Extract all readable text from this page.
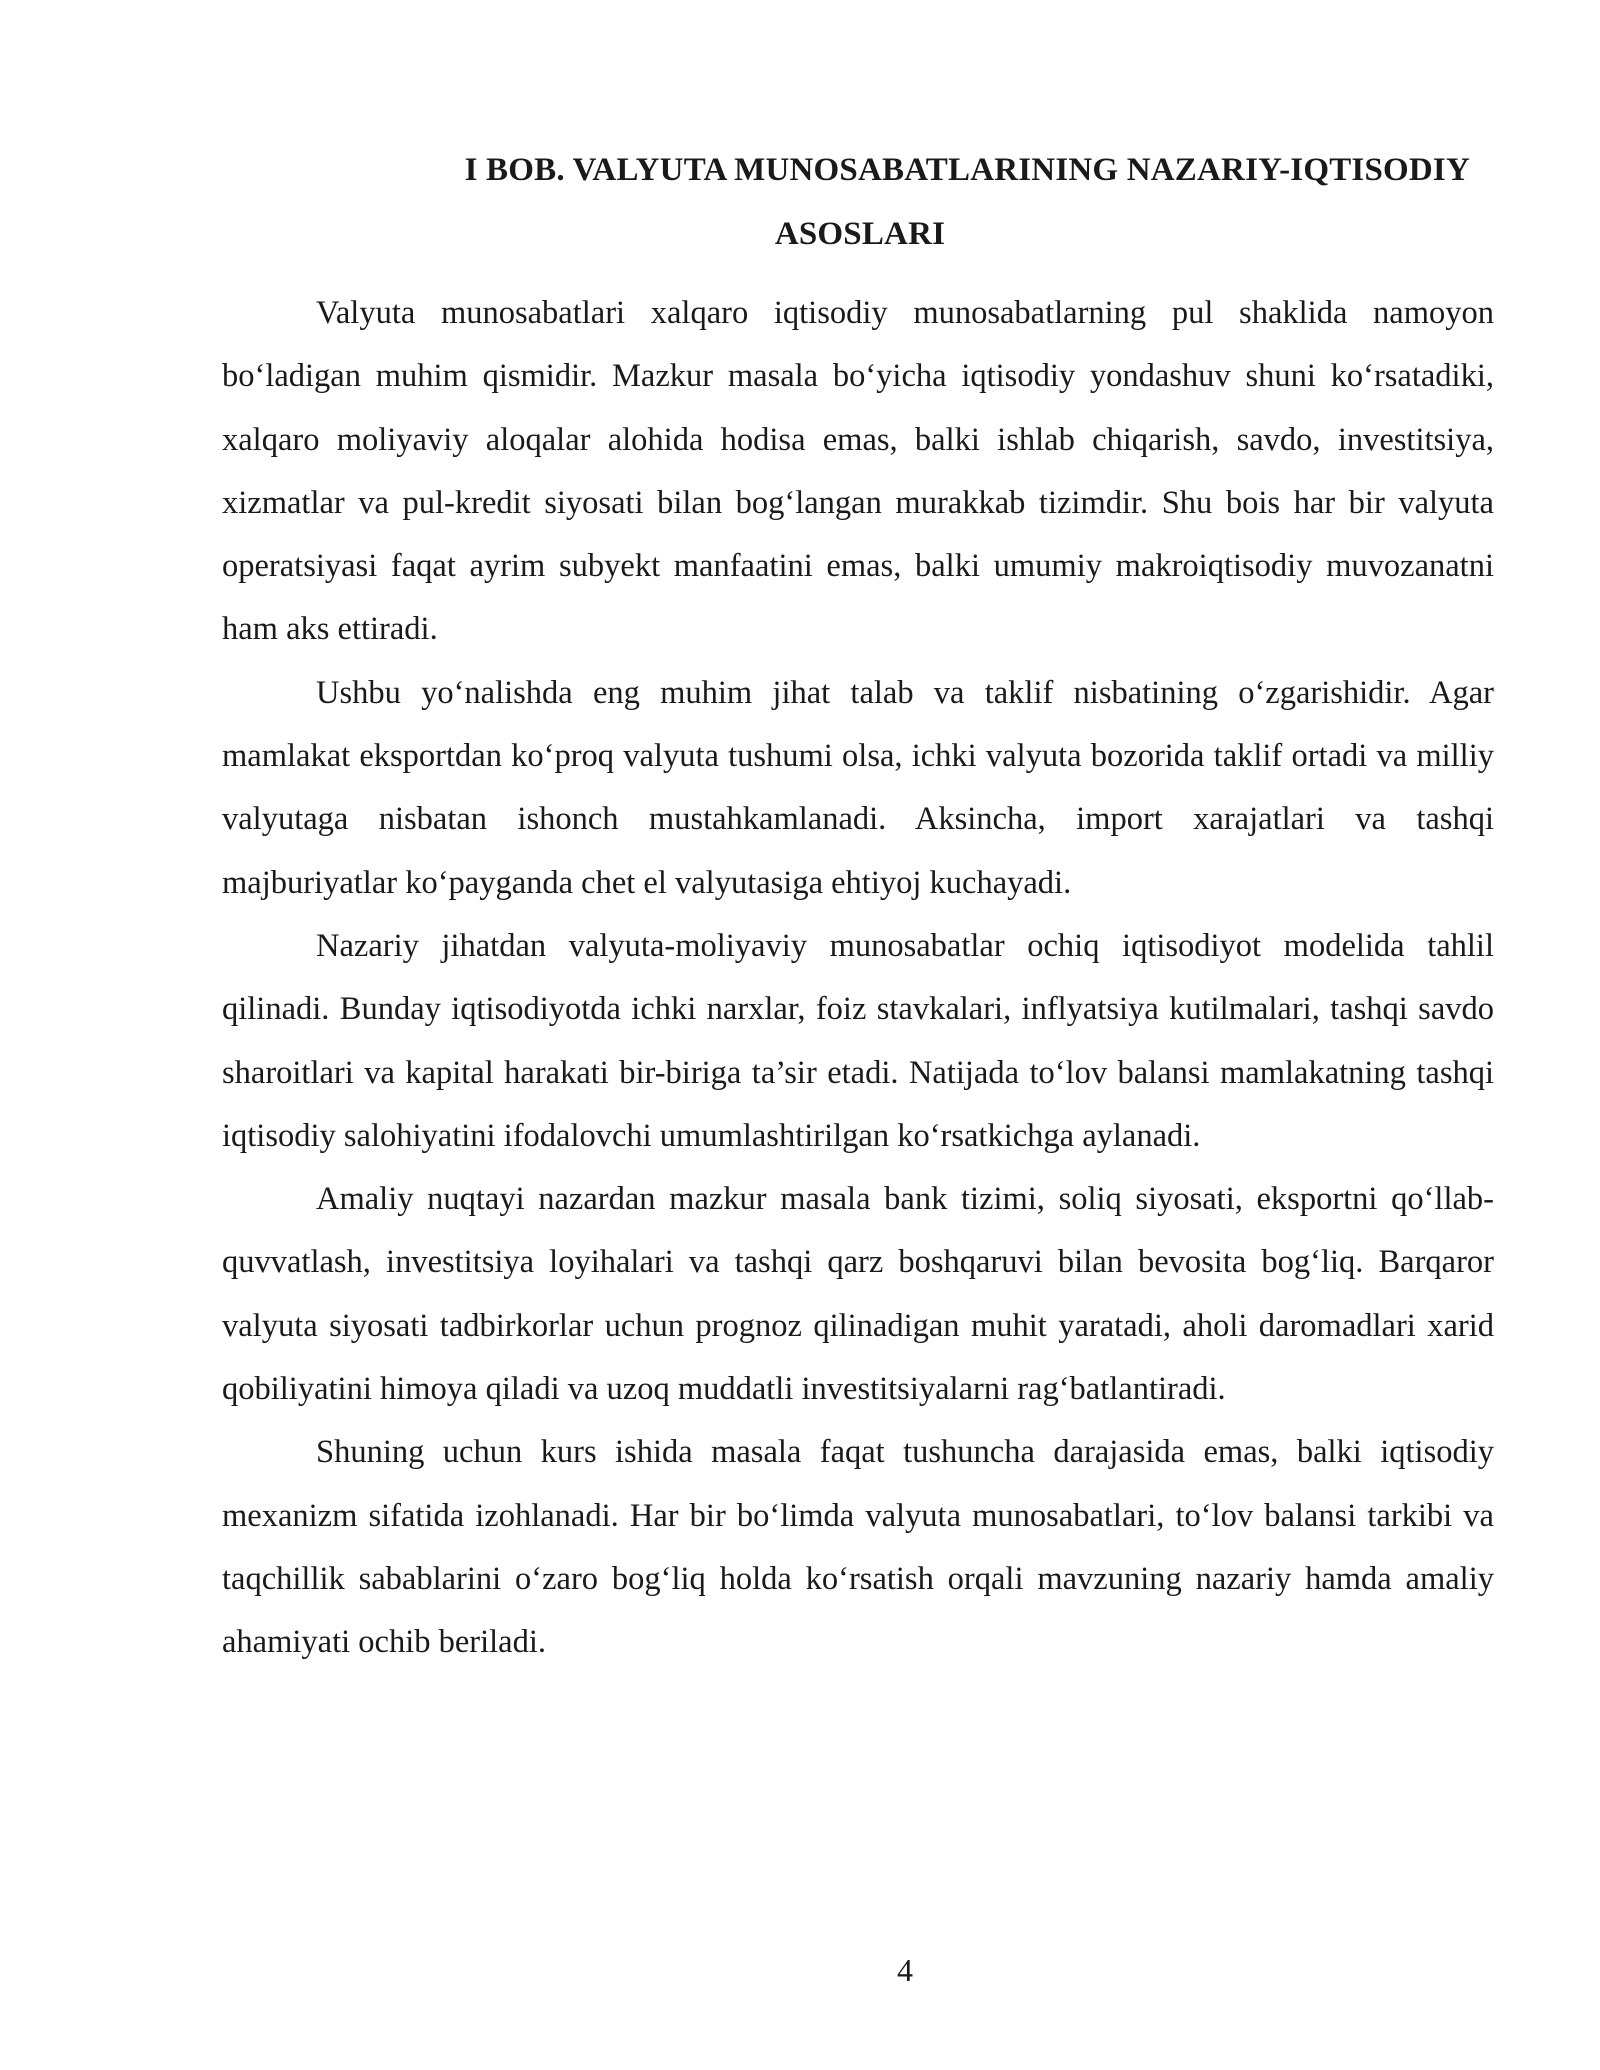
I BOB. VALYUTA MUNOSABATLARINING NAZARIY-IQTISODIY
ASOSLARI

Valyuta munosabatlari xalqaro iqtisodiy munosabatlarning pul shaklida namoyon bo‘ladigan muhim qismidir. Mazkur masala bo‘yicha iqtisodiy yondashuv shuni ko‘rsatadiki, xalqaro moliyaviy aloqalar alohida hodisa emas, balki ishlab chiqarish, savdo, investitsiya, xizmatlar va pul-kredit siyosati bilan bog‘langan murakkab tizimdir. Shu bois har bir valyuta operatsiyasi faqat ayrim subyekt manfaatini emas, balki umumiy makroiqtisodiy muvozanatni ham aks ettiradi.

Ushbu yo‘nalishda eng muhim jihat talab va taklif nisbatining o‘zgarishidir. Agar mamlakat eksportdan ko‘proq valyuta tushumi olsa, ichki valyuta bozorida taklif ortadi va milliy valyutaga nisbatan ishonch mustahkamlanadi. Aksincha, import xarajatlari va tashqi majburiyatlar ko‘payganda chet el valyutasiga ehtiyoj kuchayadi.

Nazariy jihatdan valyuta-moliyaviy munosabatlar ochiq iqtisodiyot modelida tahlil qilinadi. Bunday iqtisodiyotda ichki narxlar, foiz stavkalari, inflyatsiya kutilmalari, tashqi savdo sharoitlari va kapital harakati bir-biriga ta’sir etadi. Natijada to‘lov balansi mamlakatning tashqi iqtisodiy salohiyatini ifodalovchi umumlashtirilgan ko‘rsatkichga aylanadi.

Amaliy nuqtayi nazardan mazkur masala bank tizimi, soliq siyosati, eksportni qo‘llab-quvvatlash, investitsiya loyihalari va tashqi qarz boshqaruvi bilan bevosita bog‘liq. Barqaror valyuta siyosati tadbirkorlar uchun prognoz qilinadigan muhit yaratadi, aholi daromadlari xarid qobiliyatini himoya qiladi va uzoq muddatli investitsiyalarni rag‘batlantiradi.

Shuning uchun kurs ishida masala faqat tushuncha darajasida emas, balki iqtisodiy mexanizm sifatida izohlanadi. Har bir bo‘limda valyuta munosabatlari, to‘lov balansi tarkibi va taqchillik sabablarini o‘zaro bog‘liq holda ko‘rsatish orqali mavzuning nazariy hamda amaliy ahamiyati ochib beriladi.

4
